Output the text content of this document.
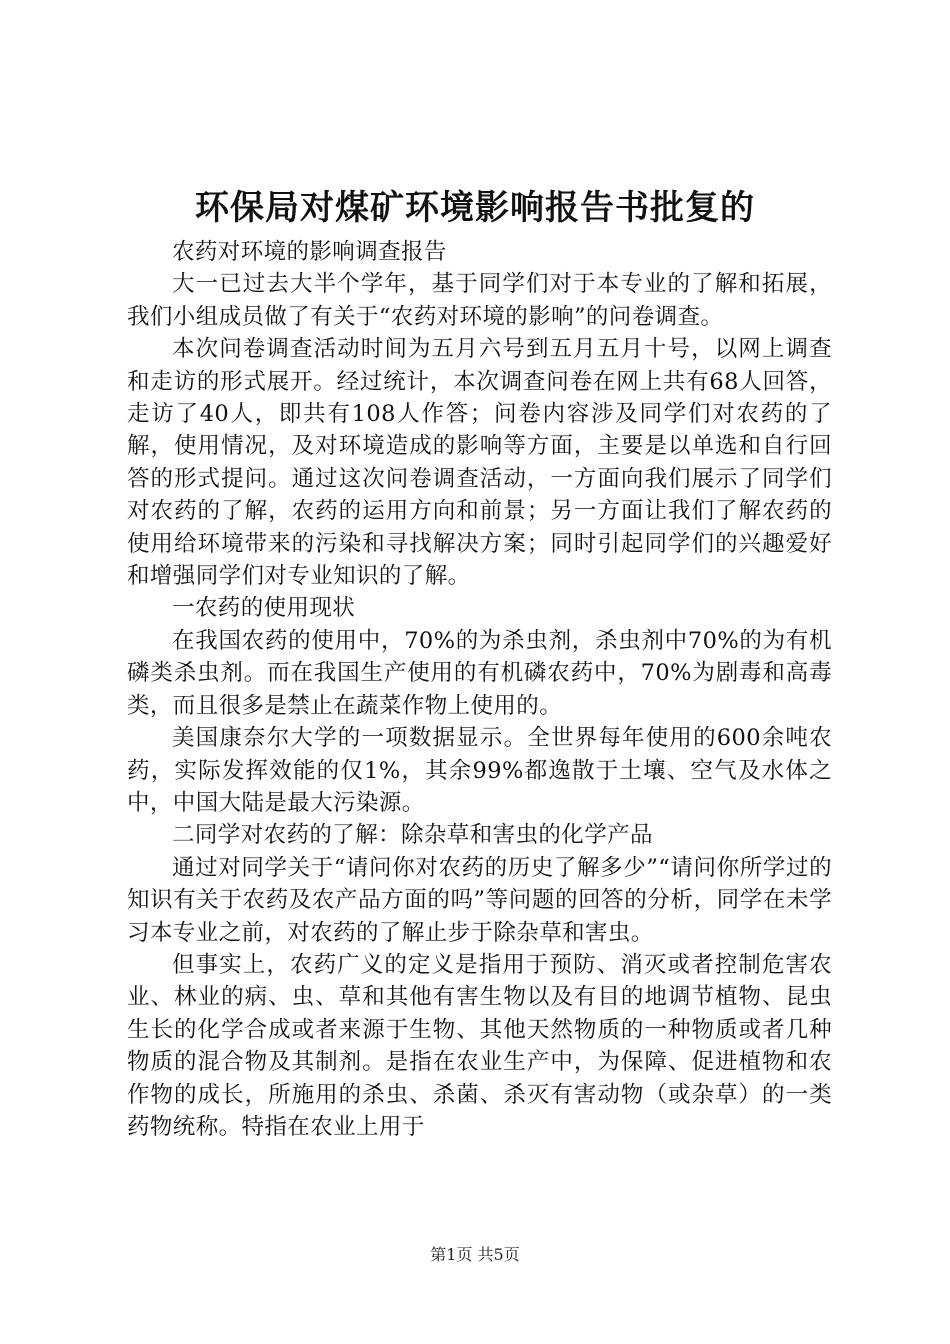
环保局对煤矿环境影响报告书批复的

农药对环境的影响调查报告

大一已过去大半个学年，基于同学们对于本专业的了解和拓展，我们小组成员做了有关于“农药对环境的影响”的问卷调查。

本次问卷调查活动时间为五月六号到五月五月十号，以网上调查和走访的形式展开。经过统计，本次调查问卷在网上共有68人回答，走访了40人，即共有108人作答；问卷内容涉及同学们对农药的了解，使用情况，及对环境造成的影响等方面，主要是以单选和自行回答的形式提问。通过这次问卷调查活动，一方面向我们展示了同学们对农药的了解，农药的运用方向和前景；另一方面让我们了解农药的使用给环境带来的污染和寻找解决方案；同时引起同学们的兴趣爱好和增强同学们对专业知识的了解。

一农药的使用现状

在我国农药的使用中，70%的为杀虫剂，杀虫剂中70%的为有机磷类杀虫剂。而在我国生产使用的有机磷农药中，70%为剧毒和高毒类，而且很多是禁止在蔬菜作物上使用的。

美国康奈尔大学的一项数据显示。全世界每年使用的600余吨农药，实际发挥效能的仅1%，其余99%都逸散于土壤、空气及水体之中，中国大陆是最大污染源。

二同学对农药的了解：除杂草和害虫的化学产品

通过对同学关于“请问你对农药的历史了解多少”“请问你所学过的知识有关于农药及农产品方面的吗”等问题的回答的分析，同学在未学习本专业之前，对农药的了解止步于除杂草和害虫。

但事实上，农药广义的定义是指用于预防、消灭或者控制危害农业、林业的病、虫、草和其他有害生物以及有目的地调节植物、昆虫生长的化学合成或者来源于生物、其他天然物质的一种物质或者几种物质的混合物及其制剂。是指在农业生产中，为保障、促进植物和农作物的成长，所施用的杀虫、杀菌、杀灭有害动物（或杂草）的一类药物统称。特指在农业上用于

第1页 共5页
